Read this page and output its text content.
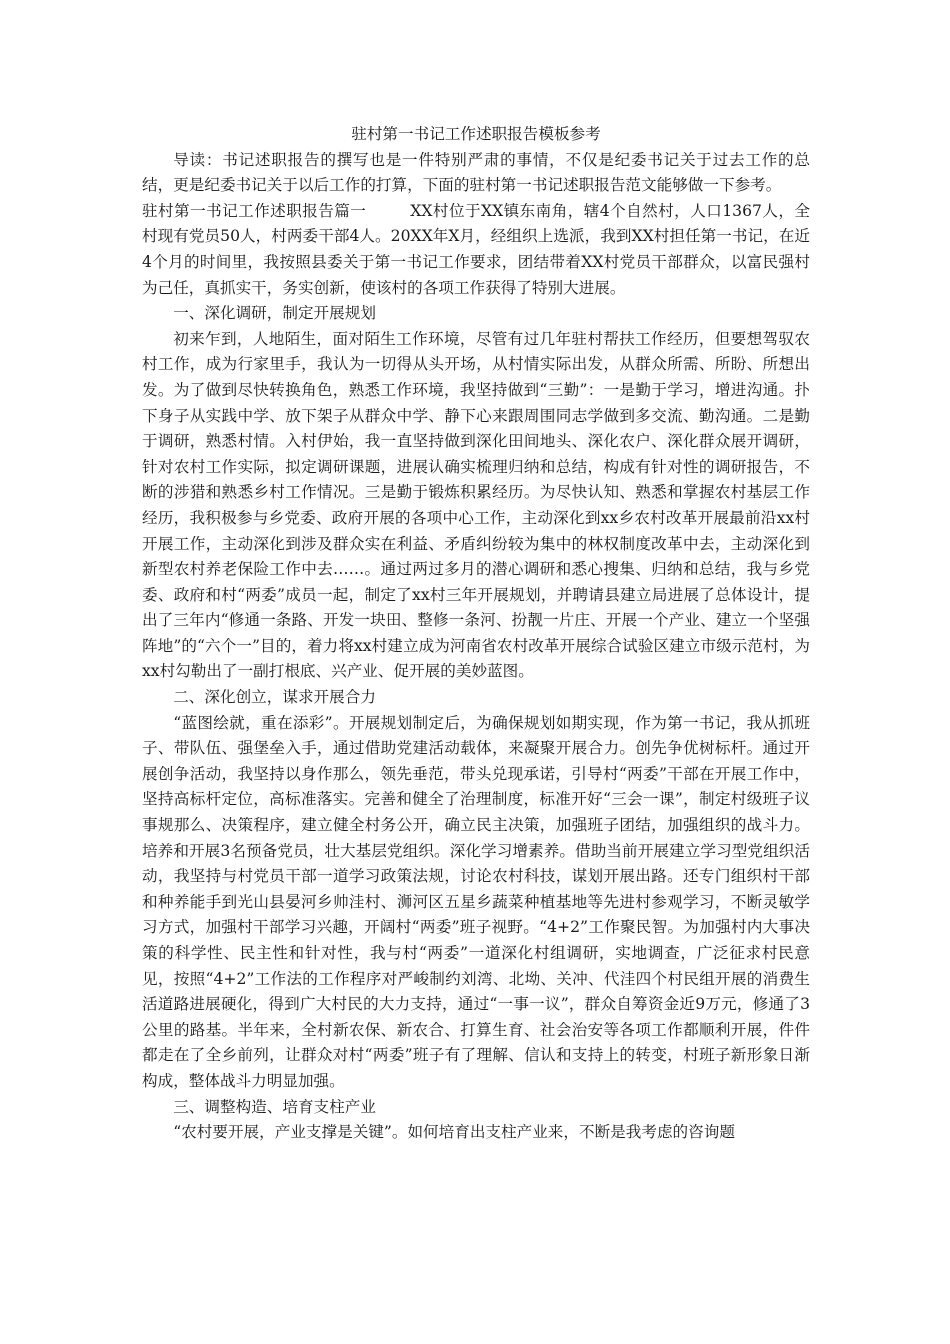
驻村第一书记工作述职报告模板参考

导读：书记述职报告的撰写也是一件特别严肃的事情，不仅是纪委书记关于过去工作的总结，更是纪委书记关于以后工作的打算，下面的驻村第一书记述职报告范文能够做一下参考。

驻村第一书记工作述职报告篇一	XX村位于XX镇东南角，辖4个自然村，人口1367人，全村现有党员50人，村两委干部4人。20XX年X月，经组织上选派，我到XX村担任第一书记，在近4个月的时间里，我按照县委关于第一书记工作要求，团结带着XX村党员干部群众，以富民强村为己任，真抓实干，务实创新，使该村的各项工作获得了特别大进展。

一、深化调研，制定开展规划

初来乍到，人地陌生，面对陌生工作环境，尽管有过几年驻村帮扶工作经历，但要想驾驭农村工作，成为行家里手，我认为一切得从头开场，从村情实际出发，从群众所需、所盼、所想出发。为了做到尽快转换角色，熟悉工作环境，我坚持做到“三勤”：一是勤于学习，增进沟通。扑下身子从实践中学、放下架子从群众中学、静下心来跟周围同志学做到多交流、勤沟通。二是勤于调研，熟悉村情。入村伊始，我一直坚持做到深化田间地头、深化农户、深化群众展开调研，针对农村工作实际，拟定调研课题，进展认确实梳理归纳和总结，构成有针对性的调研报告，不断的涉猎和熟悉乡村工作情况。三是勤于锻炼积累经历。为尽快认知、熟悉和掌握农村基层工作经历，我积极参与乡党委、政府开展的各项中心工作，主动深化到xx乡农村改革开展最前沿xx村开展工作，主动深化到涉及群众实在利益、矛盾纠纷较为集中的林权制度改革中去，主动深化到新型农村养老保险工作中去……。通过两过多月的潜心调研和悉心搜集、归纳和总结，我与乡党委、政府和村“两委”成员一起，制定了xx村三年开展规划，并聘请县建立局进展了总体设计，提出了三年内“修通一条路、开发一块田、整修一条河、扮靓一片庄、开展一个产业、建立一个坚强阵地”的“六个一”目的，着力将xx村建立成为河南省农村改革开展综合试验区建立市级示范村，为xx村勾勒出了一副打根底、兴产业、促开展的美妙蓝图。

二、深化创立，谋求开展合力

“蓝图绘就，重在添彩”。开展规划制定后，为确保规划如期实现，作为第一书记，我从抓班子、带队伍、强堡垒入手，通过借助党建活动载体，来凝聚开展合力。创先争优树标杆。通过开展创争活动，我坚持以身作那么，领先垂范，带头兑现承诺，引导村“两委”干部在开展工作中，坚持高标杆定位，高标准落实。完善和健全了治理制度，标准开好“三会一课”，制定村级班子议事规那么、决策程序，建立健全村务公开，确立民主决策，加强班子团结，加强组织的战斗力。培养和开展3名预备党员，壮大基层党组织。深化学习增素养。借助当前开展建立学习型党组织活动，我坚持与村党员干部一道学习政策法规，讨论农村科技，谋划开展出路。还专门组织村干部和种养能手到光山县晏河乡帅洼村、浉河区五星乡蔬菜种植基地等先进村参观学习，不断灵敏学习方式，加强村干部学习兴趣，开阔村“两委”班子视野。“4+2”工作聚民智。为加强村内大事决策的科学性、民主性和针对性，我与村“两委”一道深化村组调研，实地调查，广泛征求村民意见，按照“4+2”工作法的工作程序对严峻制约刘湾、北坳、关冲、代洼四个村民组开展的消费生活道路进展硬化，得到广大村民的大力支持，通过“一事一议”，群众自筹资金近9万元，修通了3公里的路基。半年来，全村新农保、新农合、打算生育、社会治安等各项工作都顺利开展，件件都走在了全乡前列，让群众对村“两委”班子有了理解、信认和支持上的转变，村班子新形象日渐构成，整体战斗力明显加强。

三、调整构造、培育支柱产业

“农村要开展，产业支撑是关键”。如何培育出支柱产业来，不断是我考虑的咨询题
